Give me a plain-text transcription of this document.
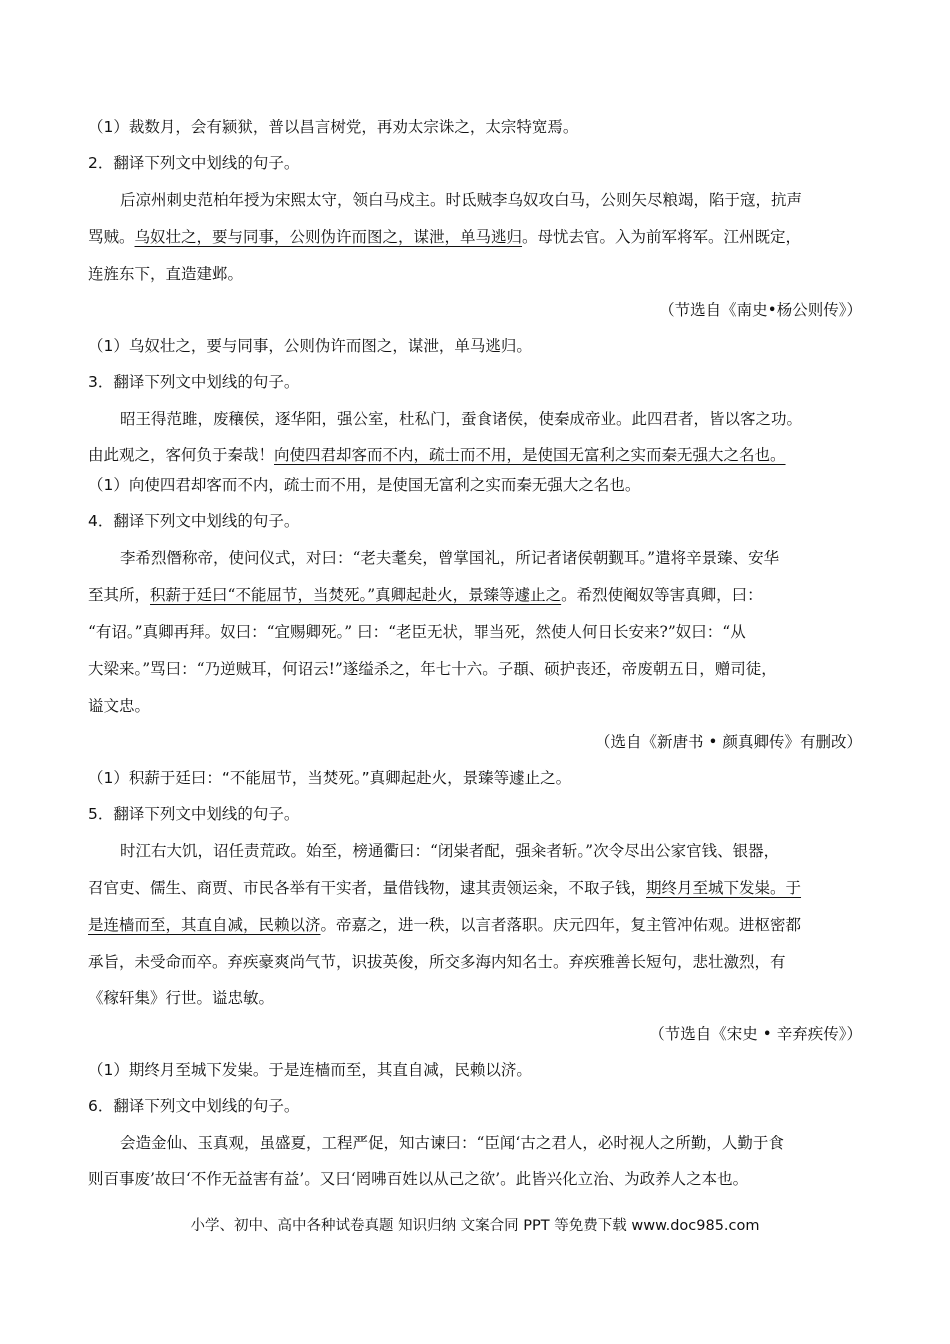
（1）裁数月，会有颍狱，普以昌言树党，再劝太宗诛之，太宗特宽焉。
2．翻译下列文中划线的句子。
后凉州刺史范柏年授为宋熙太守，领白马戍主。时氐贼李乌奴攻白马，公则矢尽粮竭，陷于寇，抗声
骂贼。乌奴壮之，要与同事，公则伪许而图之，谋泄，单马逃归。母忧去官。入为前军将军。江州既定，
连旌东下，直造建邺。
（节选自《南史•杨公则传》）
（1）乌奴壮之，要与同事，公则伪许而图之，谋泄，单马逃归。
3．翻译下列文中划线的句子。
昭王得范雎，废穰侯，逐华阳，强公室，杜私门，蚕食诸侯，使秦成帝业。此四君者，皆以客之功。
由此观之，客何负于秦哉！向使四君却客而不内，疏士而不用，是使国无富利之实而秦无强大之名也。
（1）向使四君却客而不内，疏士而不用，是使国无富利之实而秦无强大之名也。
4．翻译下列文中划线的句子。
李希烈僭称帝，使问仪式，对曰：“老夫耄矣，曾掌国礼，所记者诸侯朝觐耳。”遣将辛景臻、安华
至其所，积薪于廷曰“不能屈节，当焚死。”真卿起赴火，景臻等遽止之。希烈使阉奴等害真卿，曰：
“有诏。”真卿再拜。奴曰：“宜赐卿死。” 曰：“老臣无状，罪当死，然使人何日长安来?”奴曰：“从
大梁来。”骂曰：“乃逆贼耳，何诏云!”遂缢杀之，年七十六。子頵、硕护丧还，帝废朝五日，赠司徒，
谥文忠。
（选自《新唐书 • 颜真卿传》有删改）
（1）积薪于廷曰：“不能屈节，当焚死。”真卿起赴火，景臻等遽止之。
5．翻译下列文中划线的句子。
时江右大饥，诏任责荒政。始至，榜通衢曰：“闭粜者配，强籴者斩。”次令尽出公家官钱、银器，
召官吏、儒生、商贾、市民各举有干实者，量借钱物，逮其责领运籴，不取子钱，期终月至城下发粜。于
是连樯而至，其直自减，民赖以济。帝嘉之，进一秩，以言者落职。庆元四年，复主管冲佑观。进枢密都
承旨，未受命而卒。弃疾豪爽尚气节，识拔英俊，所交多海内知名士。弃疾雅善长短句，悲壮激烈，有
《稼轩集》行世。谥忠敏。
（节选自《宋史 • 辛弃疾传》）
（1）期终月至城下发粜。于是连樯而至，其直自减，民赖以济。
6．翻译下列文中划线的句子。
会造金仙、玉真观，虽盛夏，工程严促，知古谏曰：“臣闻‘古之君人，必时视人之所勤，人勤于食
则百事废’故曰‘不作无益害有益’。又曰‘罔咈百姓以从己之欲’。此皆兴化立治、为政养人之本也。
小学、初中、高中各种试卷真题 知识归纳 文案合同 PPT 等免费下载 www.doc985.com
